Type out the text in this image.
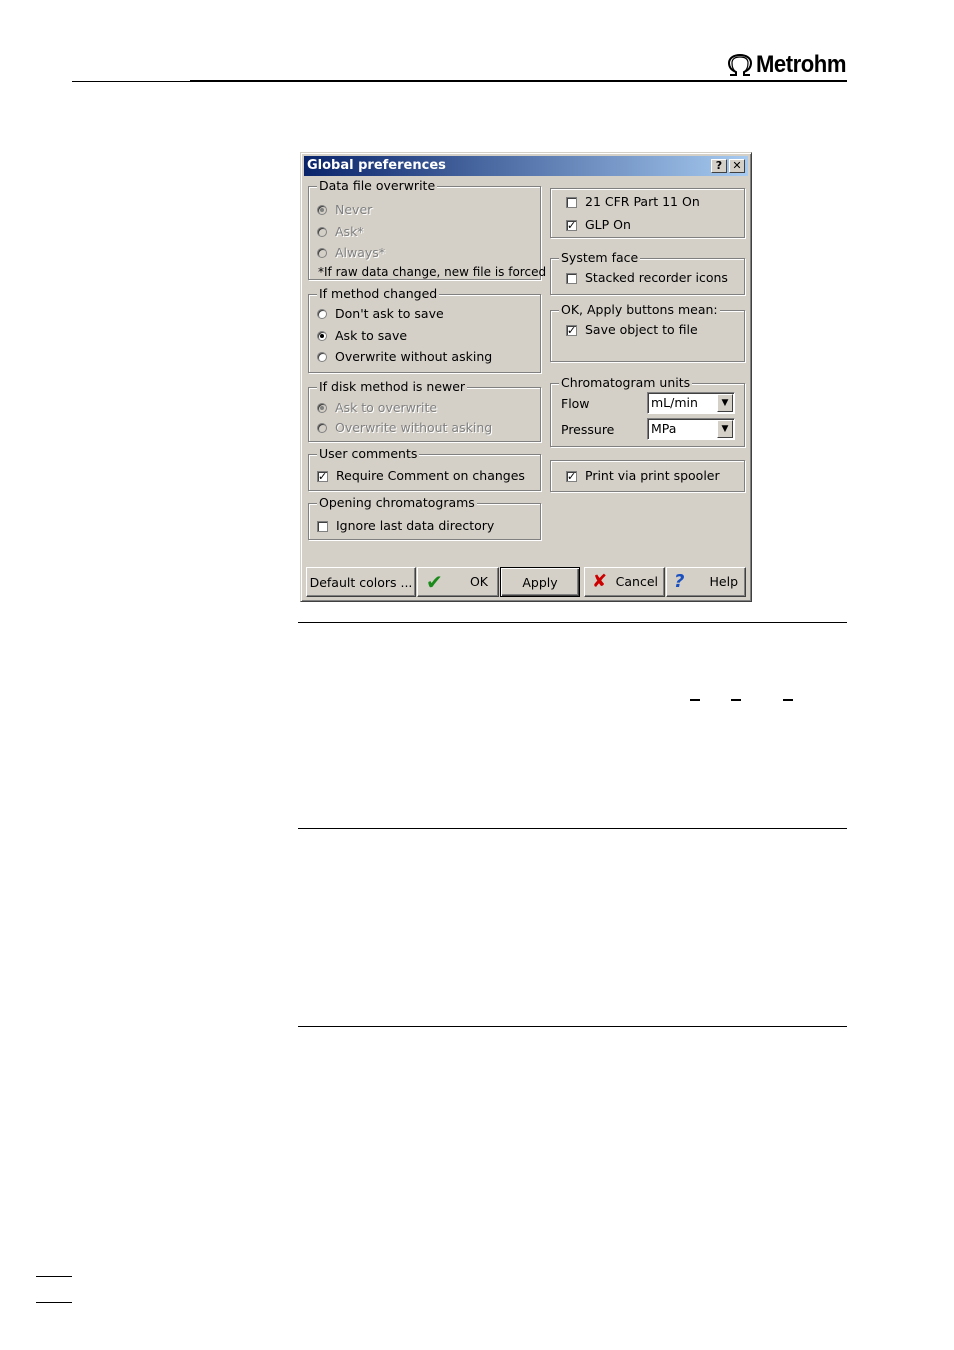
Metrohm
Global preferences	? ✕
Data file overwrite
Never
Ask*
Always*
*If raw data change, new file is forced
If method changed
Don't ask to save
Ask to save
Overwrite without asking
If disk method is newer
Ask to overwrite
Overwrite without asking
User comments
✓ Require Comment on changes
Opening chromatograms
Ignore last data directory
21 CFR Part 11 On
✓ GLP On
System face
Stacked recorder icons
OK, Apply buttons mean:
✓ Save object to file
Chromatogram units
Flow	mL/min	▼
Pressure	MPa	▼
✓ Print via print spooler
Default colors ... ✔ OK	Apply ✘ Cancel ? Help
